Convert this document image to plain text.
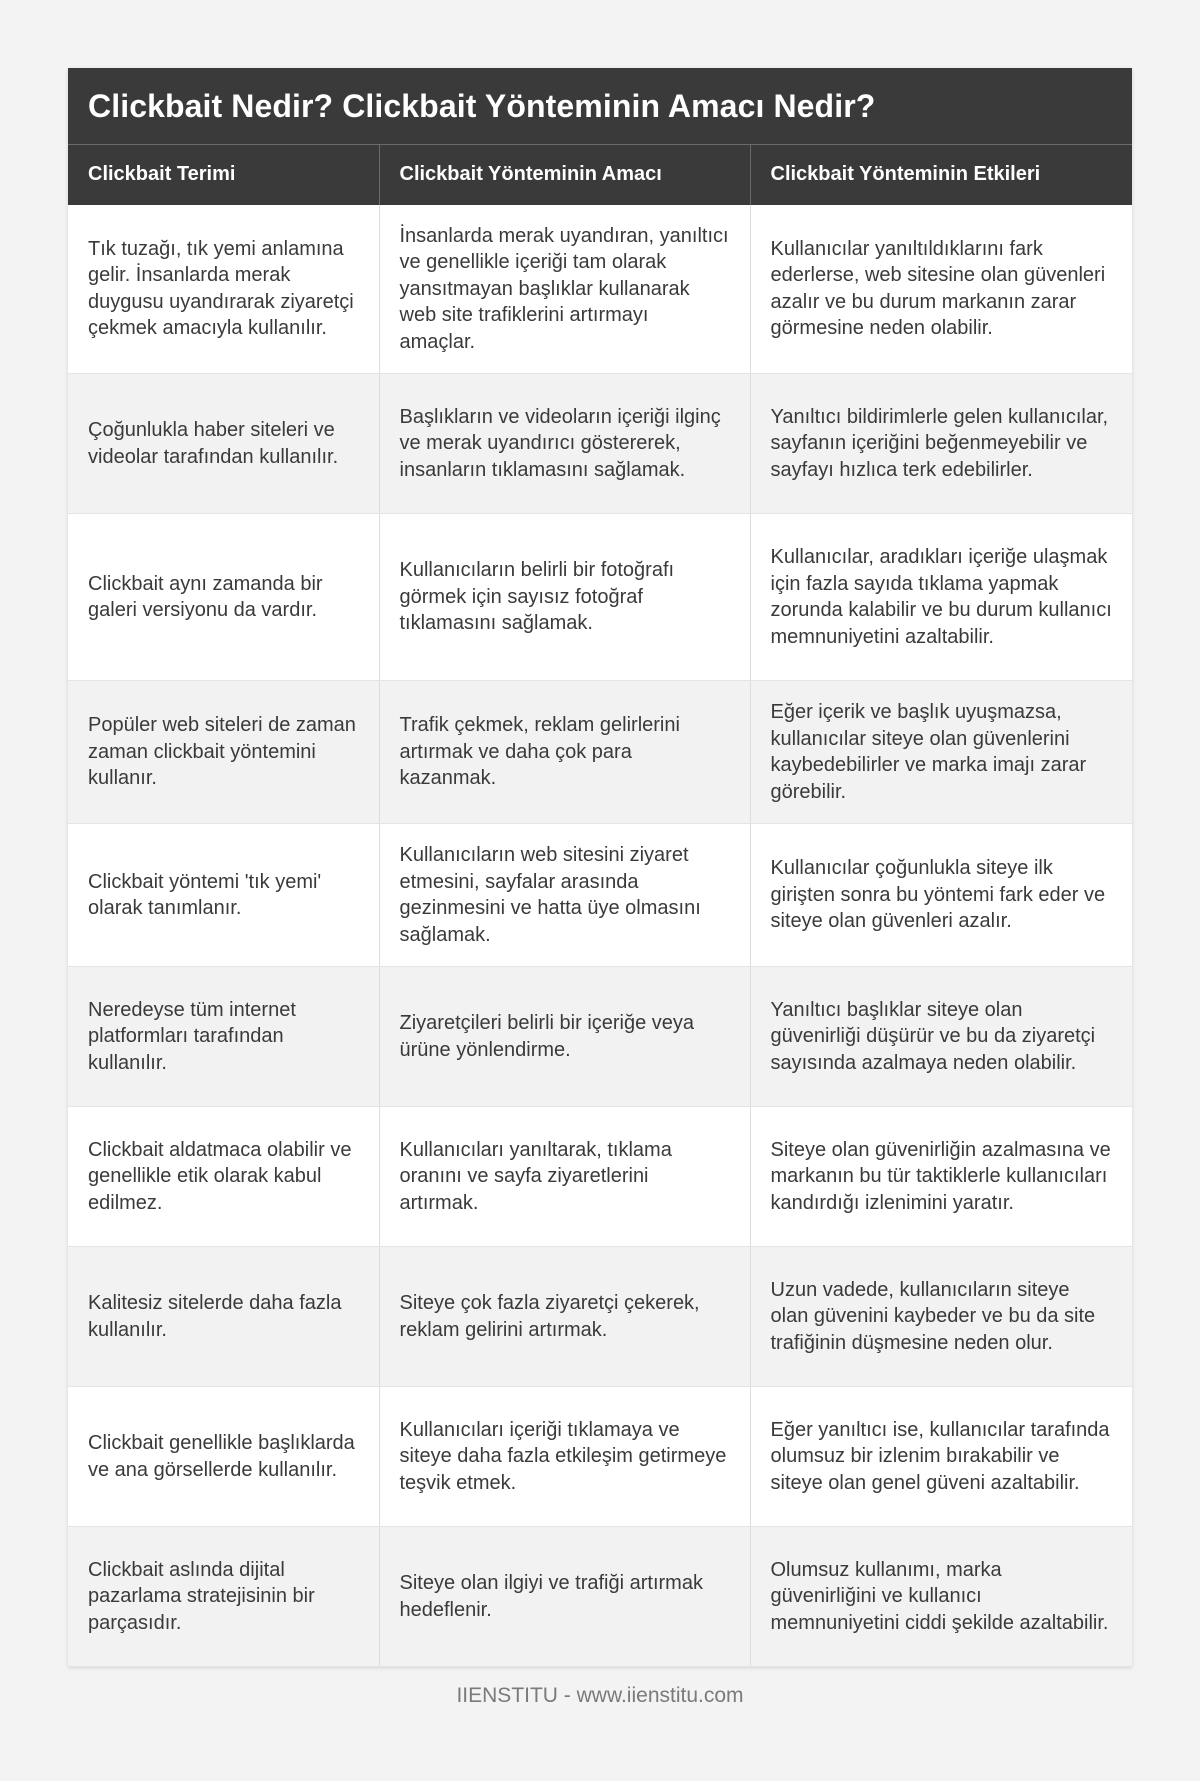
Clickbait Nedir? Clickbait Yönteminin Amacı Nedir?
Clickbait Terimi	Clickbait Yönteminin Amacı	Clickbait Yönteminin Etkileri
Tık tuzağı, tık yemi anlamına gelir. İnsanlarda merak duygusu uyandırarak ziyaretçi çekmek amacıyla kullanılır.	İnsanlarda merak uyandıran, yanıltıcı ve genellikle içeriği tam olarak yansıtmayan başlıklar kullanarak web site trafiklerini artırmayı amaçlar.	Kullanıcılar yanıltıldıklarını fark ederlerse, web sitesine olan güvenleri azalır ve bu durum markanın zarar görmesine neden olabilir.
Çoğunlukla haber siteleri ve videolar tarafından kullanılır.	Başlıkların ve videoların içeriği ilginç ve merak uyandırıcı göstererek, insanların tıklamasını sağlamak.	Yanıltıcı bildirimlerle gelen kullanıcılar, sayfanın içeriğini beğenmeyebilir ve sayfayı hızlıca terk edebilirler.
Clickbait aynı zamanda bir galeri versiyonu da vardır.	Kullanıcıların belirli bir fotoğrafı görmek için sayısız fotoğraf tıklamasını sağlamak.	Kullanıcılar, aradıkları içeriğe ulaşmak için fazla sayıda tıklama yapmak zorunda kalabilir ve bu durum kullanıcı memnuniyetini azaltabilir.
Popüler web siteleri de zaman zaman clickbait yöntemini kullanır.	Trafik çekmek, reklam gelirlerini artırmak ve daha çok para kazanmak.	Eğer içerik ve başlık uyuşmazsa, kullanıcılar siteye olan güvenlerini kaybedebilirler ve marka imajı zarar görebilir.
Clickbait yöntemi 'tık yemi' olarak tanımlanır.	Kullanıcıların web sitesini ziyaret etmesini, sayfalar arasında gezinmesini ve hatta üye olmasını sağlamak.	Kullanıcılar çoğunlukla siteye ilk girişten sonra bu yöntemi fark eder ve siteye olan güvenleri azalır.
Neredeyse tüm internet platformları tarafından kullanılır.	Ziyaretçileri belirli bir içeriğe veya ürüne yönlendirme.	Yanıltıcı başlıklar siteye olan güvenirliği düşürür ve bu da ziyaretçi sayısında azalmaya neden olabilir.
Clickbait aldatmaca olabilir ve genellikle etik olarak kabul edilmez.	Kullanıcıları yanıltarak, tıklama oranını ve sayfa ziyaretlerini artırmak.	Siteye olan güvenirliğin azalmasına ve markanın bu tür taktiklerle kullanıcıları kandırdığı izlenimini yaratır.
Kalitesiz sitelerde daha fazla kullanılır.	Siteye çok fazla ziyaretçi çekerek, reklam gelirini artırmak.	Uzun vadede, kullanıcıların siteye olan güvenini kaybeder ve bu da site trafiğinin düşmesine neden olur.
Clickbait genellikle başlıklarda ve ana görsellerde kullanılır.	Kullanıcıları içeriği tıklamaya ve siteye daha fazla etkileşim getirmeye teşvik etmek.	Eğer yanıltıcı ise, kullanıcılar tarafında olumsuz bir izlenim bırakabilir ve siteye olan genel güveni azaltabilir.
Clickbait aslında dijital pazarlama stratejisinin bir parçasıdır.	Siteye olan ilgiyi ve trafiği artırmak hedeflenir.	Olumsuz kullanımı, marka güvenirliğini ve kullanıcı memnuniyetini ciddi şekilde azaltabilir.
IIENSTITU - www.iienstitu.com
